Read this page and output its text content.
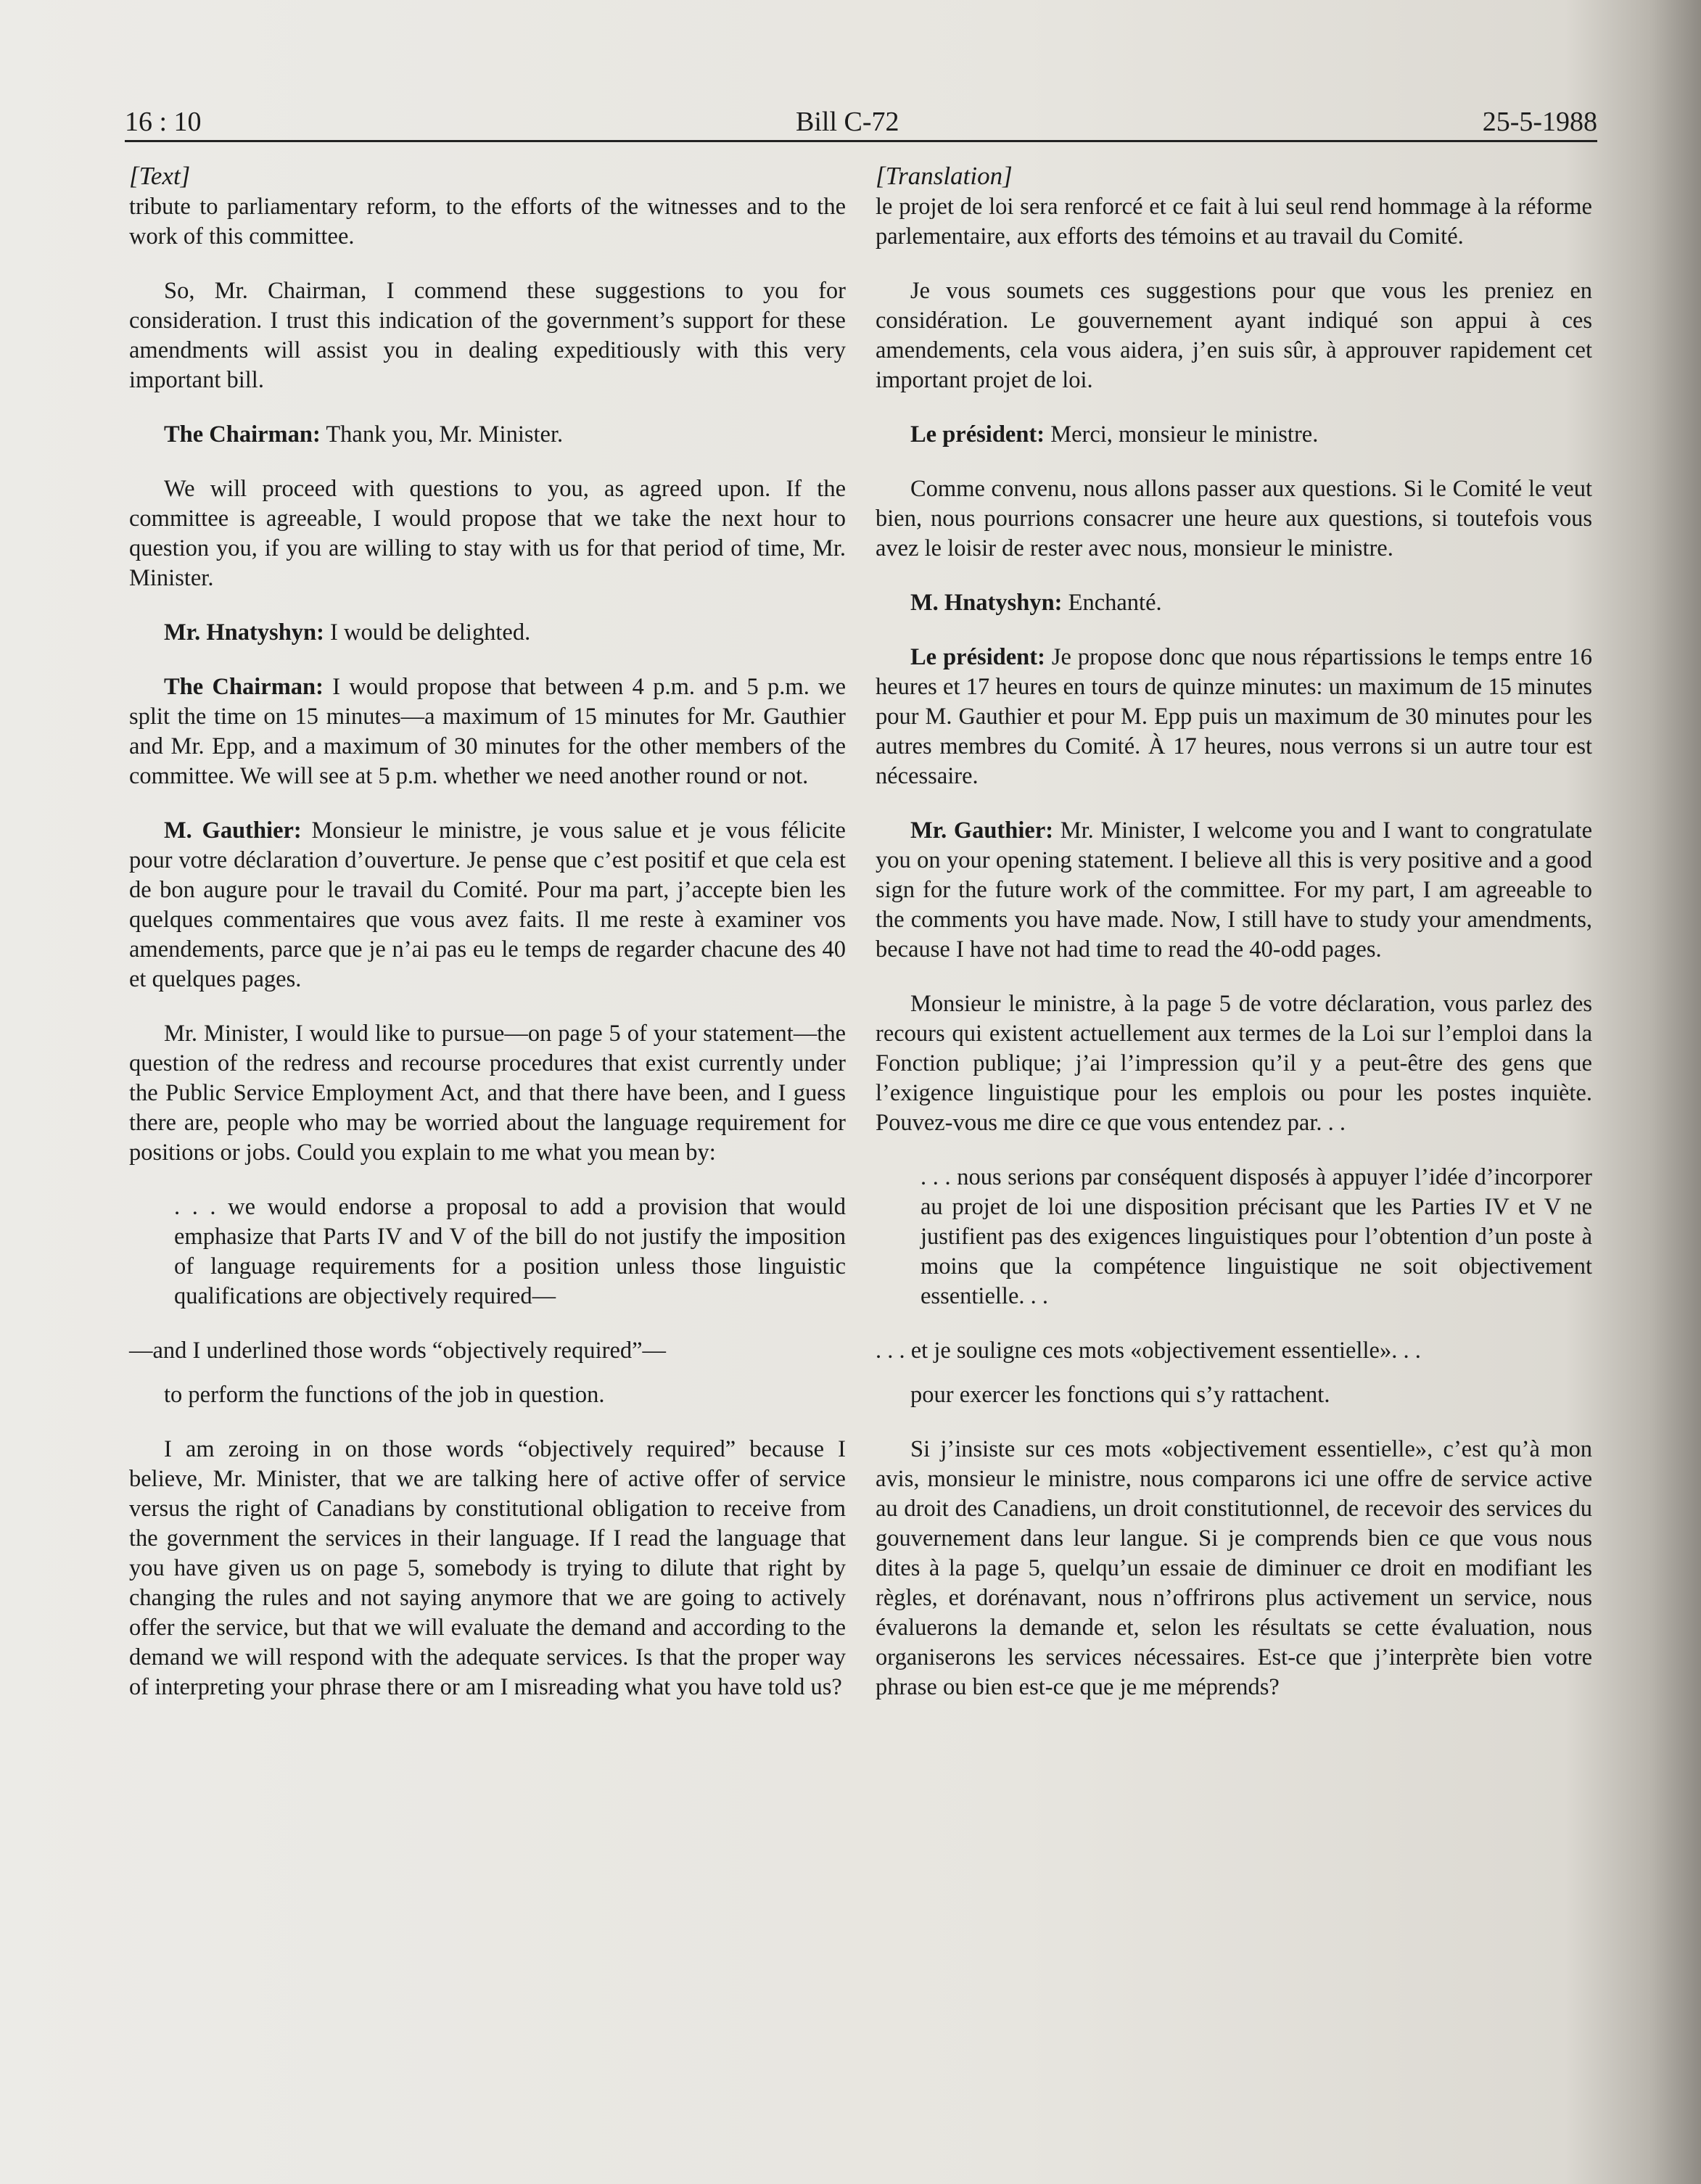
16 : 10	Bill C-72	25-5-1988
[Text]

tribute to parliamentary reform, to the efforts of the witnesses and to the work of this committee.

So, Mr. Chairman, I commend these suggestions to you for consideration. I trust this indication of the government’s support for these amendments will assist you in dealing expeditiously with this very important bill.

The Chairman: Thank you, Mr. Minister.

We will proceed with questions to you, as agreed upon. If the committee is agreeable, I would propose that we take the next hour to question you, if you are willing to stay with us for that period of time, Mr. Minister.

Mr. Hnatyshyn: I would be delighted.

The Chairman: I would propose that between 4 p.m. and 5 p.m. we split the time on 15 minutes—a maximum of 15 minutes for Mr. Gauthier and Mr. Epp, and a maximum of 30 minutes for the other members of the committee. We will see at 5 p.m. whether we need another round or not.

M. Gauthier: Monsieur le ministre, je vous salue et je vous félicite pour votre déclaration d’ouverture. Je pense que c’est positif et que cela est de bon augure pour le travail du Comité. Pour ma part, j’accepte bien les quelques commentaires que vous avez faits. Il me reste à examiner vos amendements, parce que je n’ai pas eu le temps de regarder chacune des 40 et quelques pages.

Mr. Minister, I would like to pursue—on page 5 of your statement—the question of the redress and recourse procedures that exist currently under the Public Service Employment Act, and that there have been, and I guess there are, people who may be worried about the language requirement for positions or jobs. Could you explain to me what you mean by:

. . . we would endorse a proposal to add a provision that would emphasize that Parts IV and V of the bill do not justify the imposition of language requirements for a position unless those linguistic qualifications are objectively required—

—and I underlined those words “objectively required”—

to perform the functions of the job in question.

I am zeroing in on those words “objectively required” because I believe, Mr. Minister, that we are talking here of active offer of service versus the right of Canadians by constitutional obligation to receive from the government the services in their language. If I read the language that you have given us on page 5, somebody is trying to dilute that right by changing the rules and not saying anymore that we are going to actively offer the service, but that we will evaluate the demand and according to the demand we will respond with the adequate services. Is that the proper way of interpreting your phrase there or am I misreading what you have told us?

[Translation]

le projet de loi sera renforcé et ce fait à lui seul rend hommage à la réforme parlementaire, aux efforts des témoins et au travail du Comité.

Je vous soumets ces suggestions pour que vous les preniez en considération. Le gouvernement ayant indiqué son appui à ces amendements, cela vous aidera, j’en suis sûr, à approuver rapidement cet important projet de loi.

Le président: Merci, monsieur le ministre.

Comme convenu, nous allons passer aux questions. Si le Comité le veut bien, nous pourrions consacrer une heure aux questions, si toutefois vous avez le loisir de rester avec nous, monsieur le ministre.

M. Hnatyshyn: Enchanté.

Le président: Je propose donc que nous répartissions le temps entre 16 heures et 17 heures en tours de quinze minutes: un maximum de 15 minutes pour M. Gauthier et pour M. Epp puis un maximum de 30 minutes pour les autres membres du Comité. À 17 heures, nous verrons si un autre tour est nécessaire.

Mr. Gauthier: Mr. Minister, I welcome you and I want to congratulate you on your opening statement. I believe all this is very positive and a good sign for the future work of the committee. For my part, I am agreeable to the comments you have made. Now, I still have to study your amendments, because I have not had time to read the 40-odd pages.

Monsieur le ministre, à la page 5 de votre déclaration, vous parlez des recours qui existent actuellement aux termes de la Loi sur l’emploi dans la Fonction publique; j’ai l’impression qu’il y a peut-être des gens que l’exigence linguistique pour les emplois ou pour les postes inquiète. Pouvez-vous me dire ce que vous entendez par. . .

. . . nous serions par conséquent disposés à appuyer l’idée d’incorporer au projet de loi une disposition précisant que les Parties IV et V ne justifient pas des exigences linguistiques pour l’obtention d’un poste à moins que la compétence linguistique ne soit objectivement essentielle. . .

. . . et je souligne ces mots «objectivement essentielle». . .

pour exercer les fonctions qui s’y rattachent.

Si j’insiste sur ces mots «objectivement essentielle», c’est qu’à mon avis, monsieur le ministre, nous comparons ici une offre de service active au droit des Canadiens, un droit constitutionnel, de recevoir des services du gouvernement dans leur langue. Si je comprends bien ce que vous nous dites à la page 5, quelqu’un essaie de diminuer ce droit en modifiant les règles, et dorénavant, nous n’offrirons plus activement un service, nous évaluerons la demande et, selon les résultats se cette évaluation, nous organiserons les services nécessaires. Est-ce que j’interprète bien votre phrase ou bien est-ce que je me méprends?
